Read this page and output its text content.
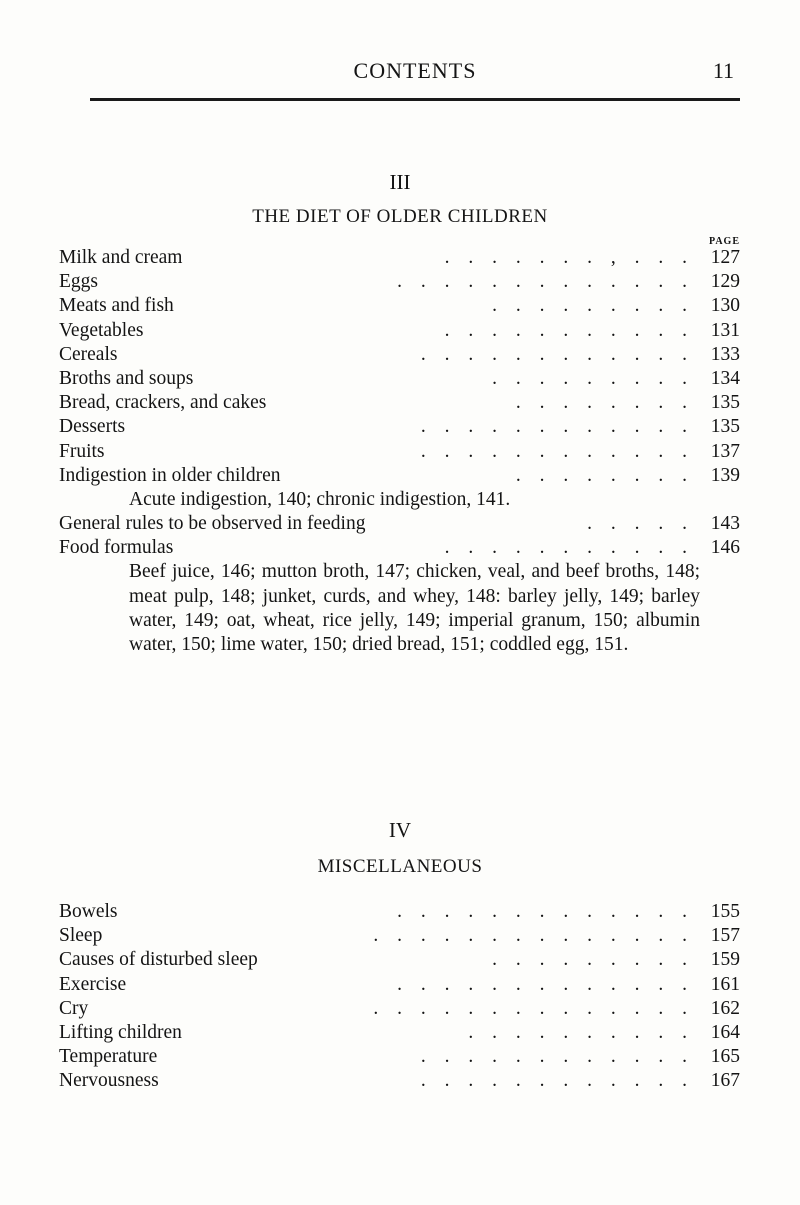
CONTENTS	11
III
THE DIET OF OLDER CHILDREN
PAGE
Milk and cream	. . . . . . . , . . . 127
Eggs	. . . . . . . . . . . . . 129
Meats and fish	. . . . . . . . . 130
Vegetables	. . . . . . . . . . . 131
Cereals	. . . . . . . . . . . . 133
Broths and soups	. . . . . . . . . 134
Bread, crackers, and cakes	. . . . . . . . 135
Desserts	. . . . . . . . . . . . 135
Fruits	. . . . . . . . . . . . 137
Indigestion in older children	. . . . . . . . 139
Acute indigestion, 140; chronic indigestion, 141.
General rules to be observed in feeding	. . . . . 143
Food formulas	. . . . . . . . . . . 146
Beef juice, 146; mutton broth, 147; chicken, veal, and beef broths, 148; meat pulp, 148; junket, curds, and whey, 148: barley jelly, 149; barley water, 149; oat, wheat, rice jelly, 149; imperial granum, 150; albumin water, 150; lime water, 150; dried bread, 151; coddled egg, 151.
IV
MISCELLANEOUS
Bowels	. . . . . . . . . . . . . 155
Sleep	. . . . . . . . . . . . . . 157
Causes of disturbed sleep	. . . . . . . . . 159
Exercise	. . . . . . . . . . . . . 161
Cry	. . . . . . . . . . . . . . 162
Lifting children	. . . . . . . . . . 164
Temperature	. . . . . . . . . . . . 165
Nervousness	. . . . . . . . . . . . 167
